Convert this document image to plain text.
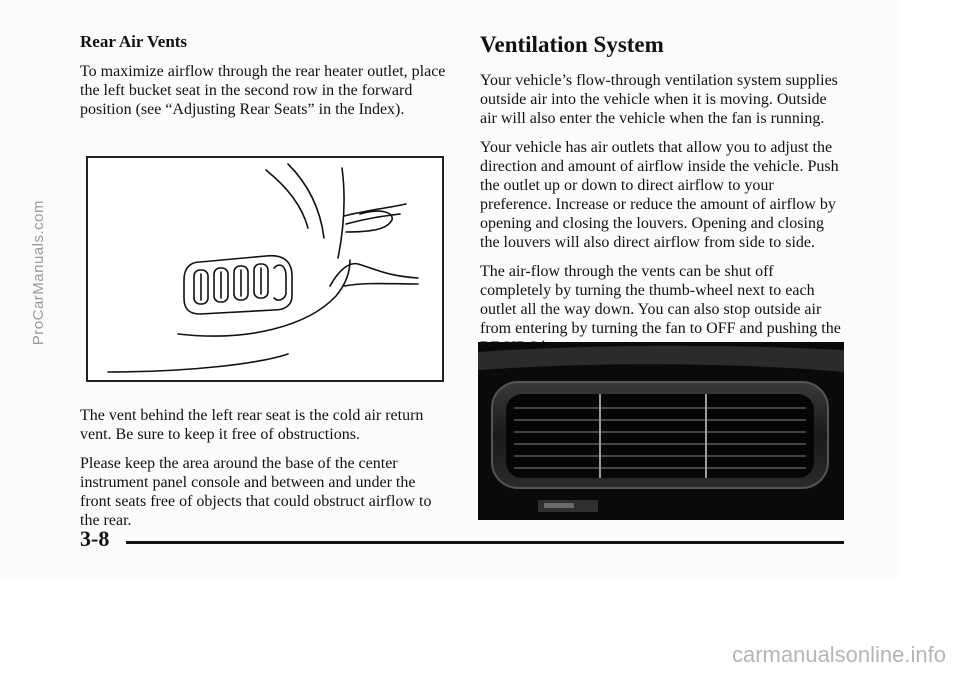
Rear Air Vents

To maximize airflow through the rear heater outlet, place the left bucket seat in the second row in the forward position (see “Adjusting Rear Seats” in the Index).

The vent behind the left rear seat is the cold air return vent. Be sure to keep it free of obstructions.

Please keep the area around the base of the center instrument panel console and between and under the front seats free of objects that could obstruct airflow to the rear.

Ventilation System

Your vehicle’s flow-through ventilation system supplies outside air into the vehicle when it is moving. Outside air will also enter the vehicle when the fan is running.

Your vehicle has air outlets that allow you to adjust the direction and amount of airflow inside the vehicle. Push the outlet up or down to direct airflow to your preference. Increase or reduce the amount of airflow by opening and closing the louvers. Opening and closing the louvers will also direct airflow from side to side.

The air-flow through the vents can be shut off completely by turning the thumb-wheel next to each outlet all the way down. You can also stop outside air from entering by turning the fan to OFF and pushing the

3-8
ProCarManuals.com
carmanualsonline.info
